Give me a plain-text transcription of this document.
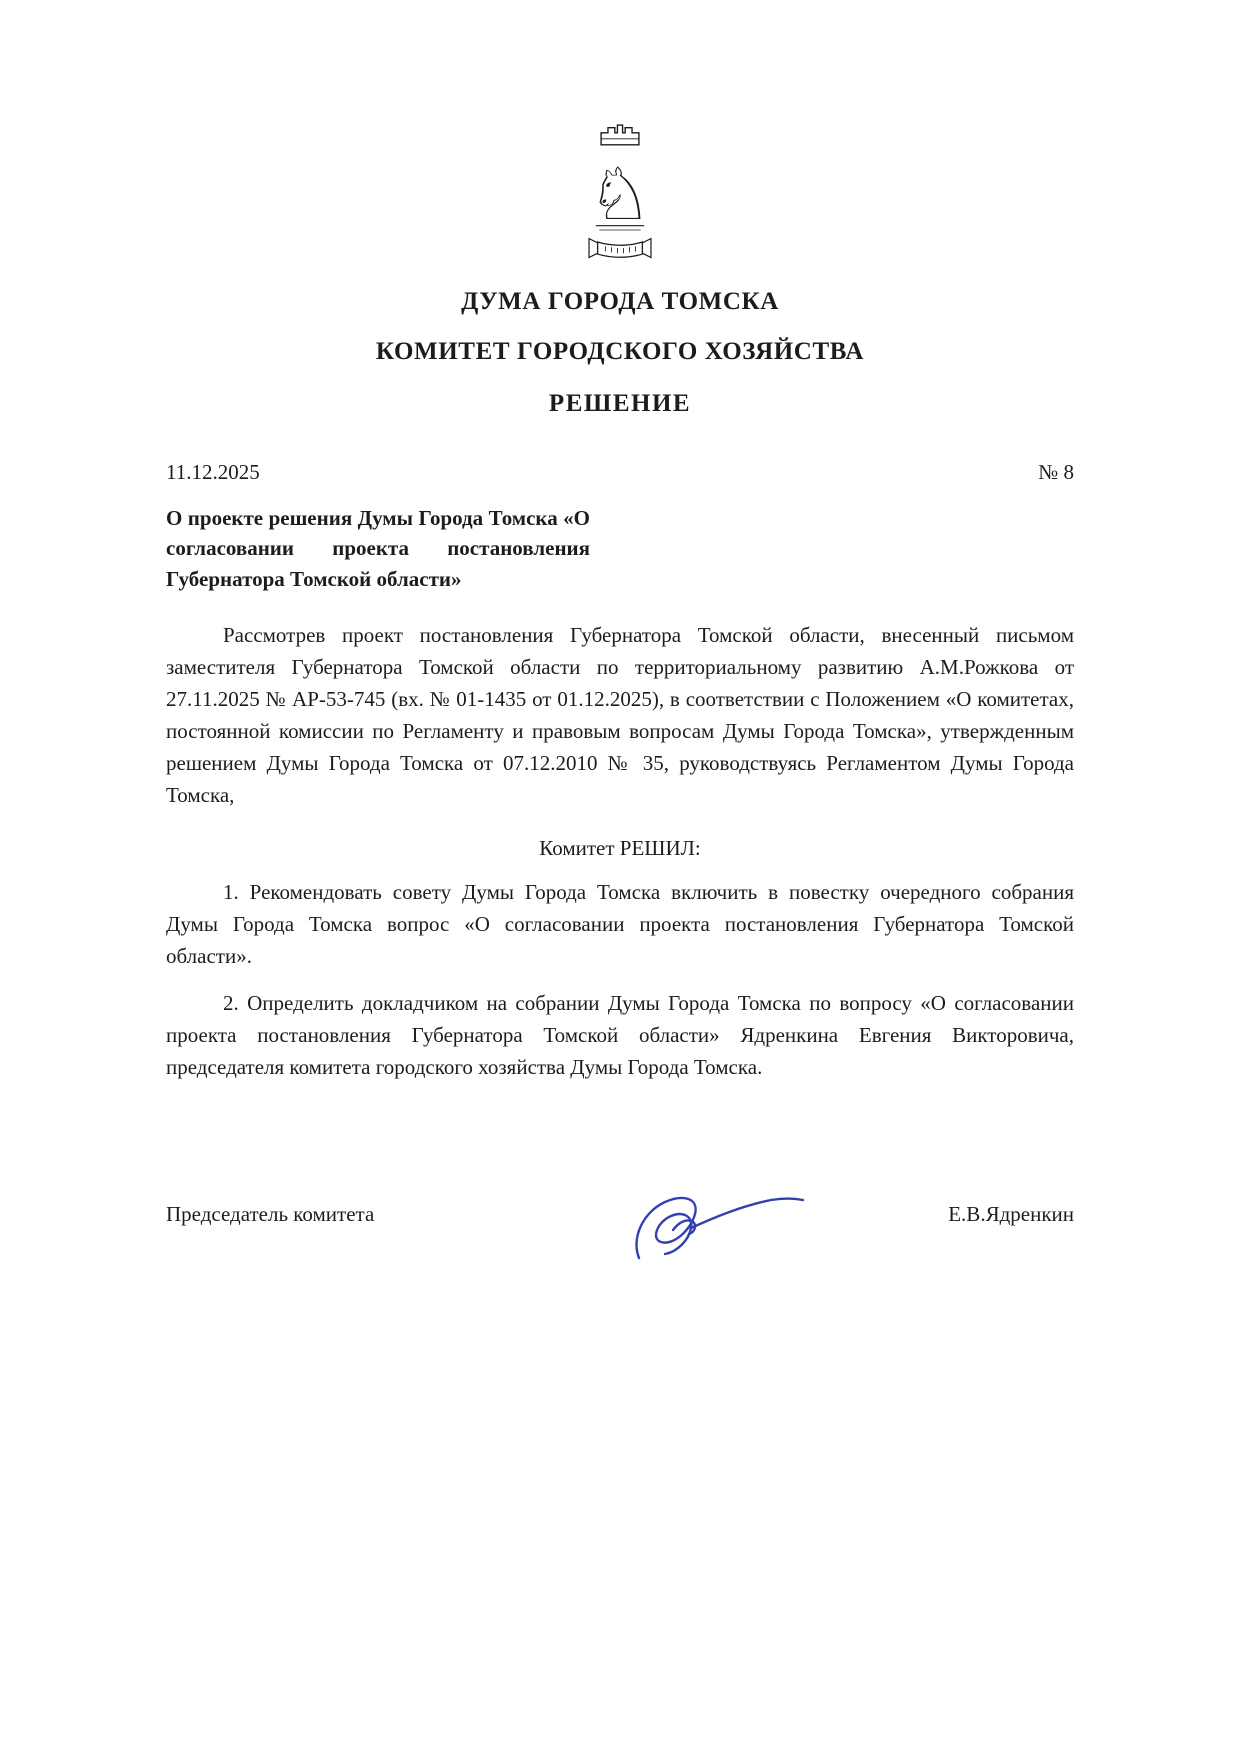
♘
ДУМА ГОРОДА ТОМСКА
КОМИТЕТ ГОРОДСКОГО ХОЗЯЙСТВА
РЕШЕНИЕ
11.12.2025	№ 8
О проекте решения Думы Города Томска «О согласовании проекта постановления Губернатора Томской области»

Рассмотрев проект постановления Губернатора Томской области, внесенный письмом заместителя Губернатора Томской области по территориальному развитию А.М.Рожкова от 27.11.2025 № АР-53-745 (вх. № 01-1435 от 01.12.2025), в соответствии с Положением «О комитетах, постоянной комиссии по Регламенту и правовым вопросам Думы Города Томска», утвержденным решением Думы Города Томска от 07.12.2010 № 35, руководствуясь Регламентом Думы Города Томска,

Комитет РЕШИЛ:

1. Рекомендовать совету Думы Города Томска включить в повестку очередного собрания Думы Города Томска вопрос «О согласовании проекта постановления Губернатора Томской области».

2. Определить докладчиком на собрании Думы Города Томска по вопросу «О согласовании проекта постановления Губернатора Томской области» Ядренкина Евгения Викторовича, председателя комитета городского хозяйства Думы Города Томска.

Председатель комитета	Е.В.Ядренкин
